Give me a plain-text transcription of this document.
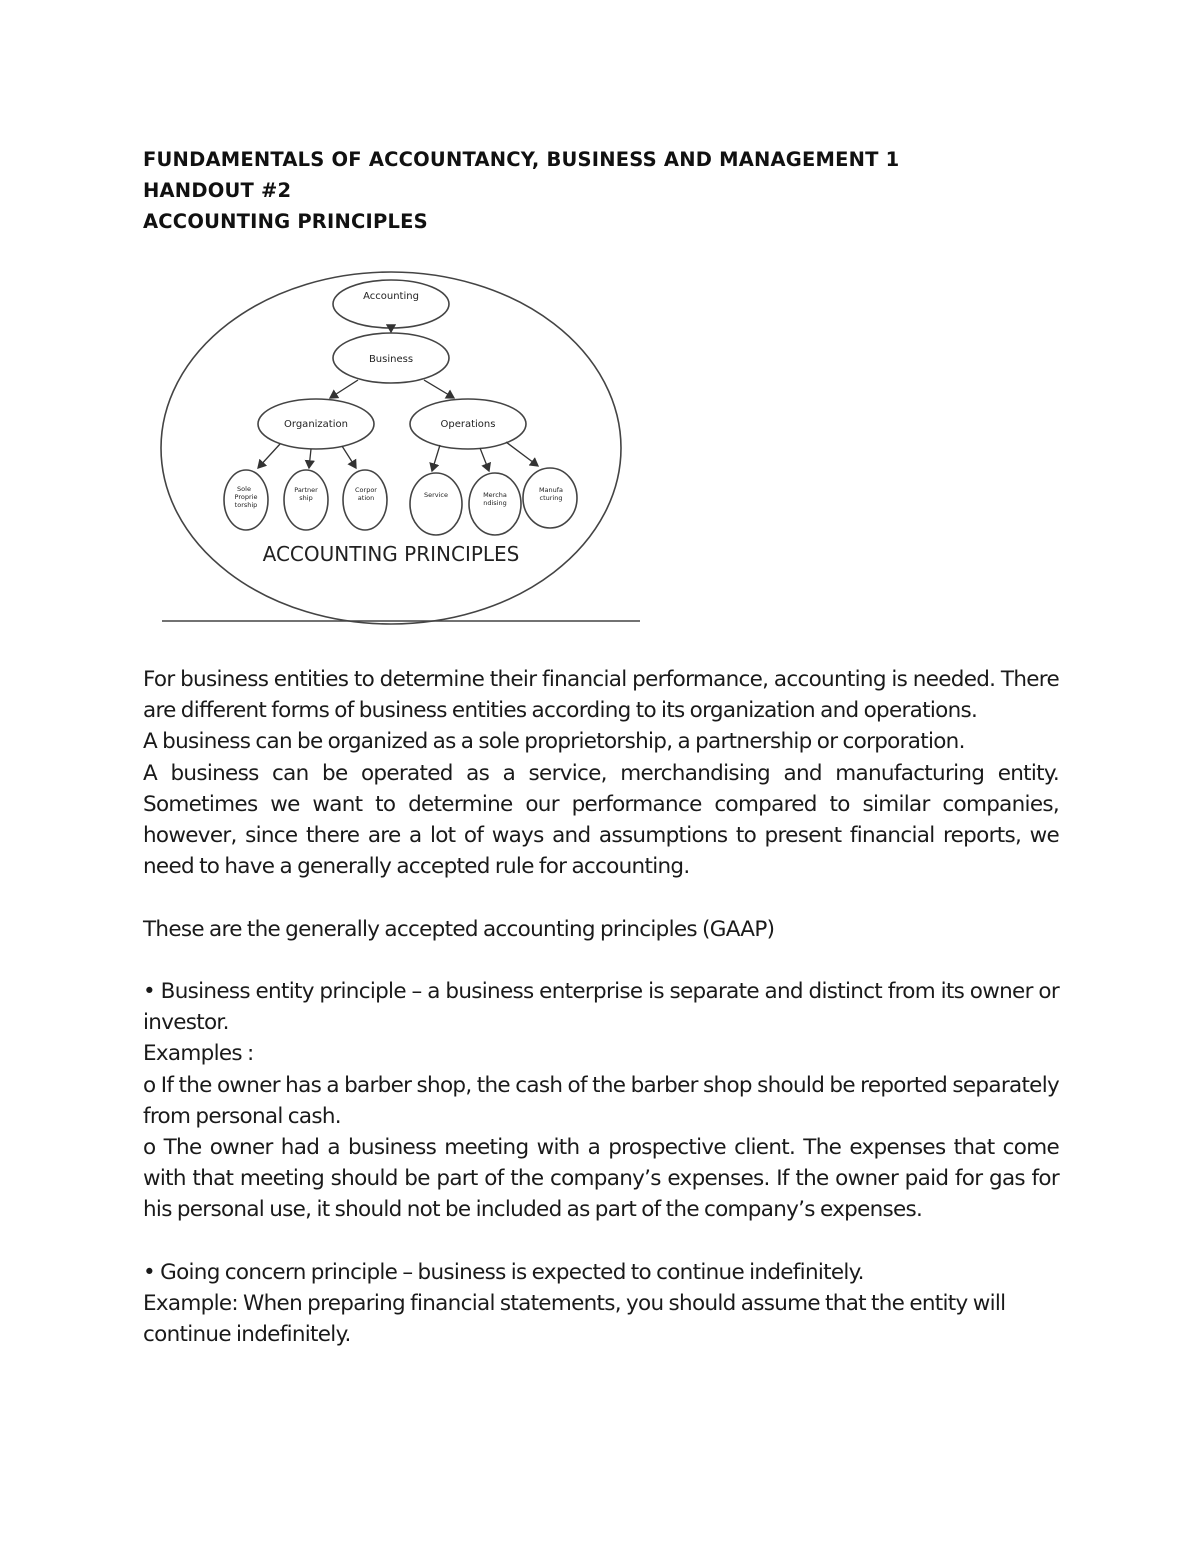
FUNDAMENTALS OF ACCOUNTANCY, BUSINESS AND MANAGEMENT 1
HANDOUT #2
ACCOUNTING PRINCIPLES
Accounting
Business
Organization	Operations
Sole
Proprie
torship
Partner
ship
Corpor
ation	Service	Mercha
ndising
Manufa
cturing
ACCOUNTING PRINCIPLES

For business entities to determine their financial performance, accounting is needed. There are different forms of business entities according to its organization and operations.

A business can be organized as a sole proprietorship, a partnership or corporation.

A business can be operated as a service, merchandising and manufacturing entity. Sometimes we want to determine our performance compared to similar companies, however, since there are a lot of ways and assumptions to present financial reports, we need to have a generally accepted rule for accounting.

These are the generally accepted accounting principles (GAAP)

• Business entity principle – a business enterprise is separate and distinct from its owner or investor.

Examples :

o If the owner has a barber shop, the cash of the barber shop should be reported separately from personal cash.

o The owner had a business meeting with a prospective client. The expenses that come with that meeting should be part of the company’s expenses. If the owner paid for gas for his personal use, it should not be included as part of the company’s expenses.

• Going concern principle – business is expected to continue indefinitely.

Example: When preparing financial statements, you should assume that the entity will continue indefinitely.
